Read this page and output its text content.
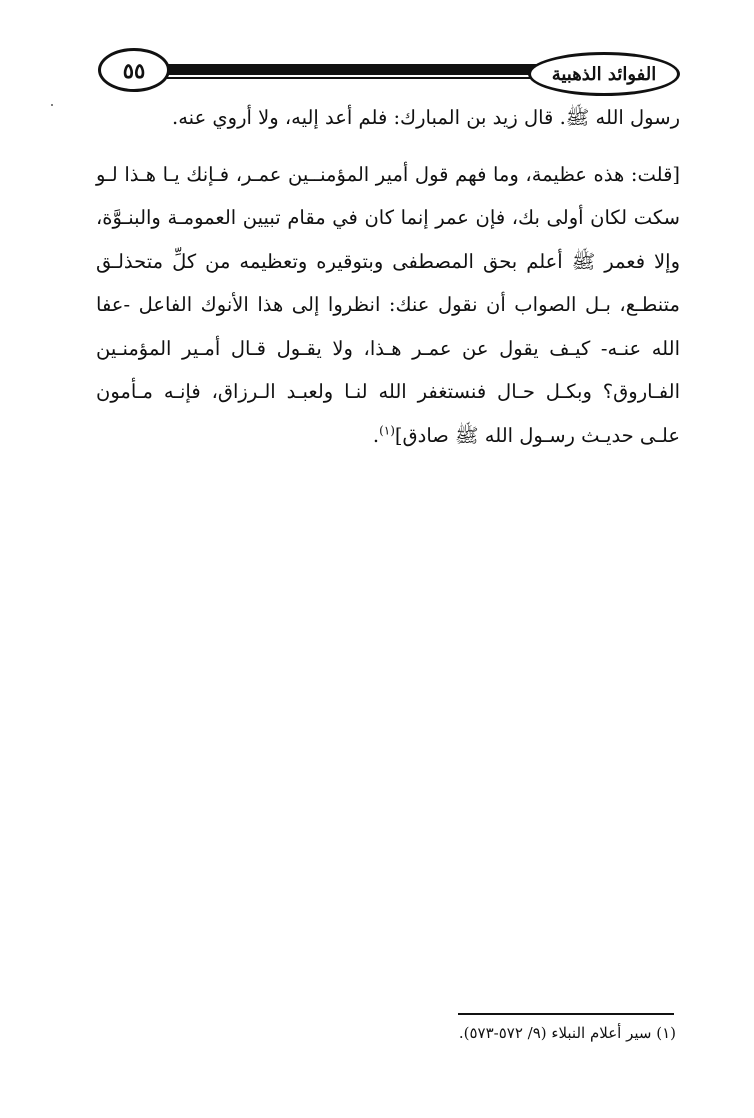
٥٥	الفوائد الذهبية

رسول الله ﷺ. قال زيد بن المبارك: فلم أعد إليه، ولا أروي عنه.

[قلت: هذه عظيمة، وما فهم قول أمير المؤمنــين عمـر، فـإنك يـا هـذا لـو سكت لكان أولى بك، فإن عمر إنما كان في مقام تبيين العمومـة والبنـوَّة، وإلا فعمر ﷺ أعلم بحق المصطفى وبتوقيره وتعظيمه من كلِّ متحذلـق متنطـع، بـل الصواب أن نقول عنك: انظروا إلى هذا الأنوك الفاعل -عفا الله عنـه- كيـف يقول عن عمـر هـذا، ولا يقـول قـال أمـير المؤمنـين الفـاروق؟ وبكـل حـال فنستغفر الله لنـا ولعبـد الـرزاق، فإنـه مـأمون علـى حديـث رسـول الله ﷺ صادق]$^{(١)}$.

(١) سير أعلام النبلاء (٩/ ٥٧٢-٥٧٣).
